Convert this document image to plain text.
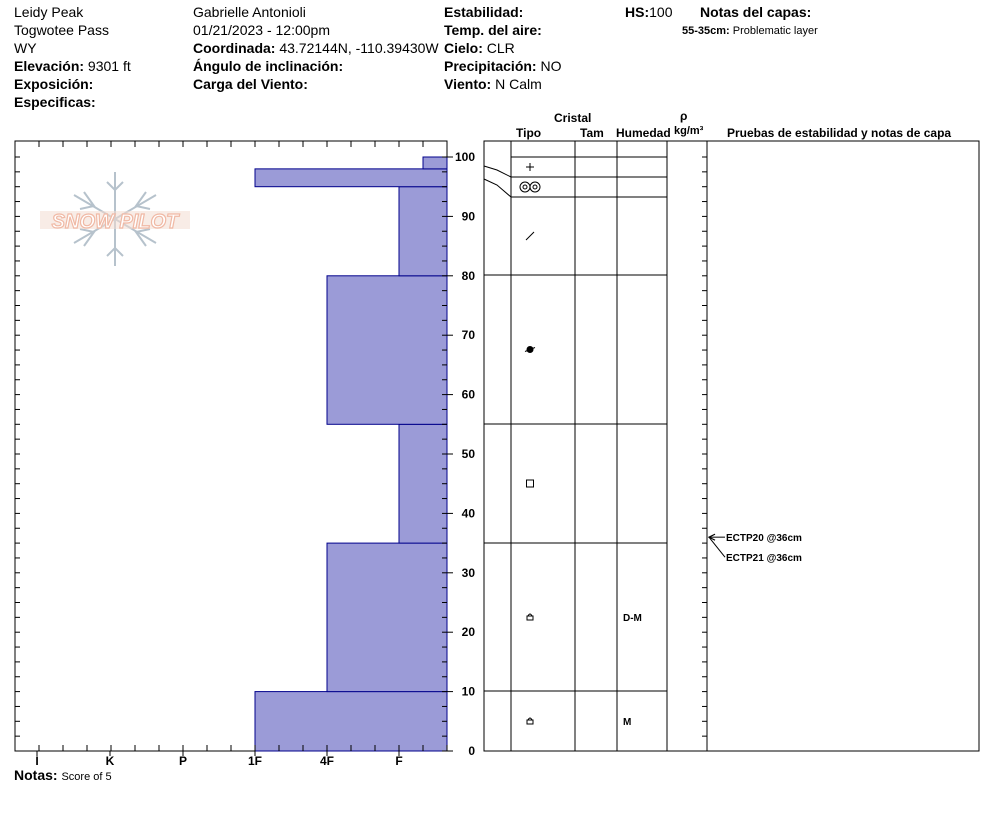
Leidy Peak
Togwotee Pass
WY
Elevación: 9301 ft
Exposición:
Especificas:
Gabrielle Antonioli
01/21/2023 - 12:00pm
Coordinada: 43.72144N, -110.39430W
Ángulo de inclinación:
Carga del Viento:
Estabilidad:
Temp. del aire:
Cielo: CLR
Precipitación: NO
Viento: N Calm
HS:100 Notas del capas:
55-35cm: Problematic layer
Cristal
Tipo	Tam Humedad
ρ
kg/m³ Pruebas de estabilidad y notas de capa
SNOW PILOT
I	K	P	1F	4F	F
0
10
20
30
40
50
60
70
80
90
100
D-M
M
ECTP20 @36cm
ECTP21 @36cm
Notas: Score of 5
